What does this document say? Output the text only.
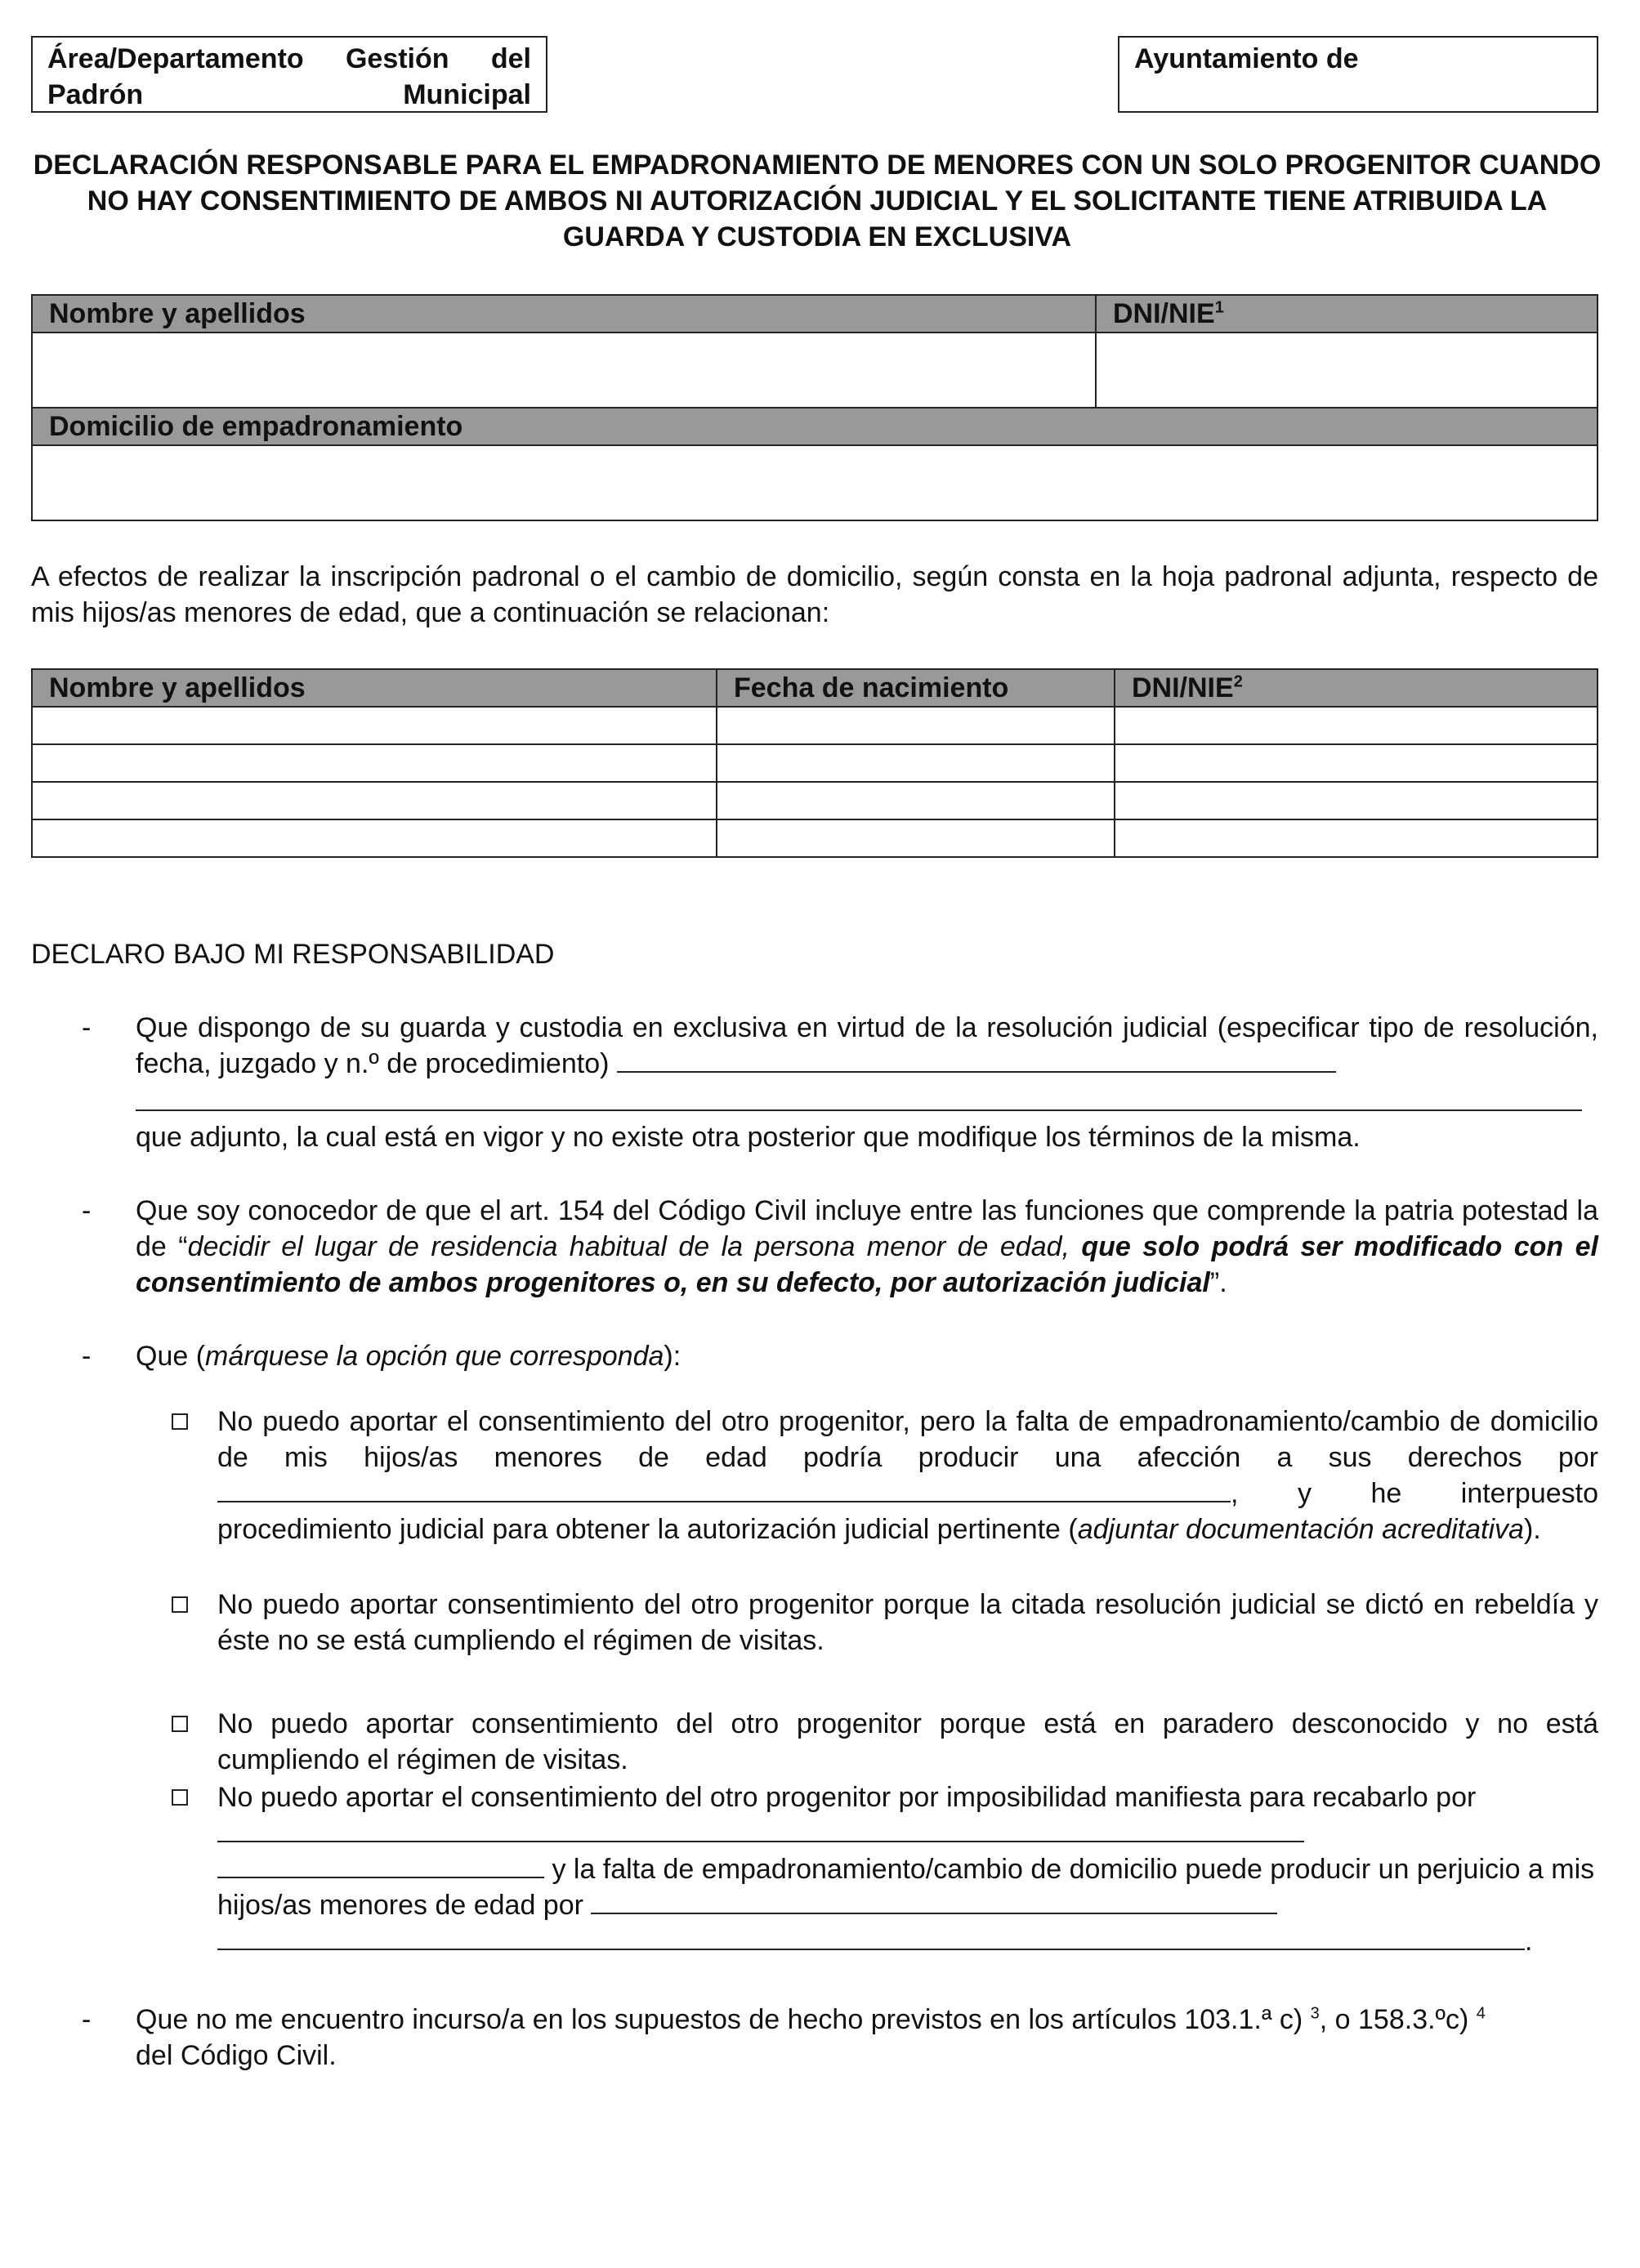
Área/Departamento Gestión del Padrón Municipal
Ayuntamiento de
DECLARACIÓN RESPONSABLE PARA EL EMPADRONAMIENTO DE MENORES CON UN SOLO PROGENITOR CUANDO NO HAY CONSENTIMIENTO DE AMBOS NI AUTORIZACIÓN JUDICIAL Y EL SOLICITANTE TIENE ATRIBUIDA LA GUARDA Y CUSTODIA EN EXCLUSIVA
Nombre y apellidos	DNI/NIE$^1$

Domicilio de empadronamiento	

A efectos de realizar la inscripción padronal o el cambio de domicilio, según consta en la hoja padronal adjunta, respecto de mis hijos/as menores de edad, que a continuación se relacionan:
Nombre y apellidos	Fecha de nacimiento	DNI/NIE$^2$

DECLARO BAJO MI RESPONSABILIDAD
-	Que dispongo de su guarda y custodia en exclusiva en virtud de la resolución judicial (especificar tipo de resolución, fecha, juzgado y n.º de procedimiento)
que adjunto, la cual está en vigor y no existe otra posterior que modifique los términos de la misma.
-	Que soy conocedor de que el art. 154 del Código Civil incluye entre las funciones que comprende la patria potestad la de “decidir el lugar de residencia habitual de la persona menor de edad, que solo podrá ser modificado con el consentimiento de ambos progenitores o, en su defecto, por autorización judicial”.
-	Que (márquese la opción que corresponda):
No puedo aportar el consentimiento del otro progenitor, pero la falta de empadronamiento/cambio de domicilio de mis hijos/as menores de edad podría producir una afección a sus derechos por , y he interpuesto procedimiento judicial para obtener la autorización judicial pertinente (adjuntar documentación acreditativa).
No puedo aportar consentimiento del otro progenitor porque la citada resolución judicial se dictó en rebeldía y éste no se está cumpliendo el régimen de visitas.
No puedo aportar consentimiento del otro progenitor porque está en paradero desconocido y no está cumpliendo el régimen de visitas.
No puedo aportar el consentimiento del otro progenitor por imposibilidad manifiesta para recabarlo por
y la falta de empadronamiento/cambio de domicilio puede producir un perjuicio a mis hijos/as menores de edad por
.
-	Que no me encuentro incurso/a en los supuestos de hecho previstos en los artículos 103.1.ª c) $^3$, o 158.3.ºc) $^4$ del Código Civil.
